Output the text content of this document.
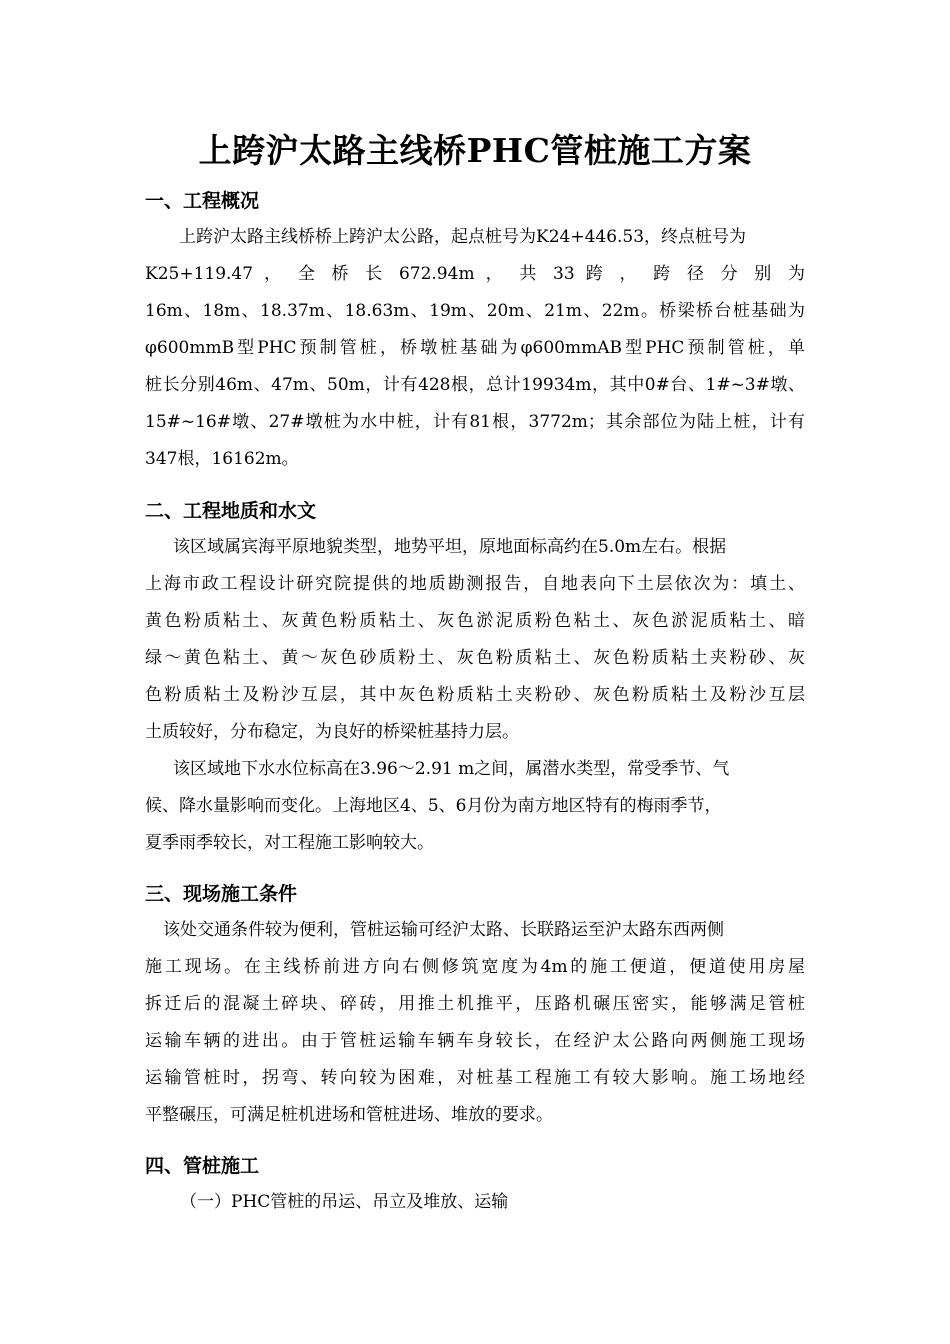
上跨沪太路主线桥PHC管桩施工方案
一、工程概况

上跨沪太路主线桥桥上跨沪太公路，起点桩号为K24+446.53，终点桩号为

K25+119.47 ， 全 桥 长 672.94m ， 共 33 跨 ， 跨 径 分 别 为

16m、18m、18.37m、18.63m、19m、20m、21m、22m。桥梁桥台桩基础为

φ600mmB型PHC预制管桩，桥墩桩基础为φ600mmAB型PHC预制管桩，单

桩长分别46m、47m、50m，计有428根，总计19934m，其中0#台、1#~3#墩、

15#~16#墩、27#墩桩为水中桩，计有81根，3772m；其余部位为陆上桩，计有

347根，16162m。

二、工程地质和水文

该区域属宾海平原地貌类型，地势平坦，原地面标高约在5.0m左右。根据

上海市政工程设计研究院提供的地质勘测报告，自地表向下土层依次为：填土、

黄色粉质粘土、灰黄色粉质粘土、灰色淤泥质粉色粘土、灰色淤泥质粘土、暗

绿～黄色粘土、黄～灰色砂质粉土、灰色粉质粘土、灰色粉质粘土夹粉砂、灰

色粉质粘土及粉沙互层，其中灰色粉质粘土夹粉砂、灰色粉质粘土及粉沙互层

土质较好，分布稳定，为良好的桥梁桩基持力层。

该区域地下水水位标高在3.96～2.91 m之间，属潜水类型，常受季节、气

候、降水量影响而变化。上海地区4、5、6月份为南方地区特有的梅雨季节，

夏季雨季较长，对工程施工影响较大。

三、现场施工条件

该处交通条件较为便利，管桩运输可经沪太路、长联路运至沪太路东西两侧

施工现场。在主线桥前进方向右侧修筑宽度为4m的施工便道，便道使用房屋

拆迁后的混凝土碎块、碎砖，用推土机推平，压路机碾压密实，能够满足管桩

运输车辆的进出。由于管桩运输车辆车身较长，在经沪太公路向两侧施工现场

运输管桩时，拐弯、转向较为困难，对桩基工程施工有较大影响。施工场地经

平整碾压，可满足桩机进场和管桩进场、堆放的要求。

四、管桩施工
（一）PHC管桩的吊运、吊立及堆放、运输
